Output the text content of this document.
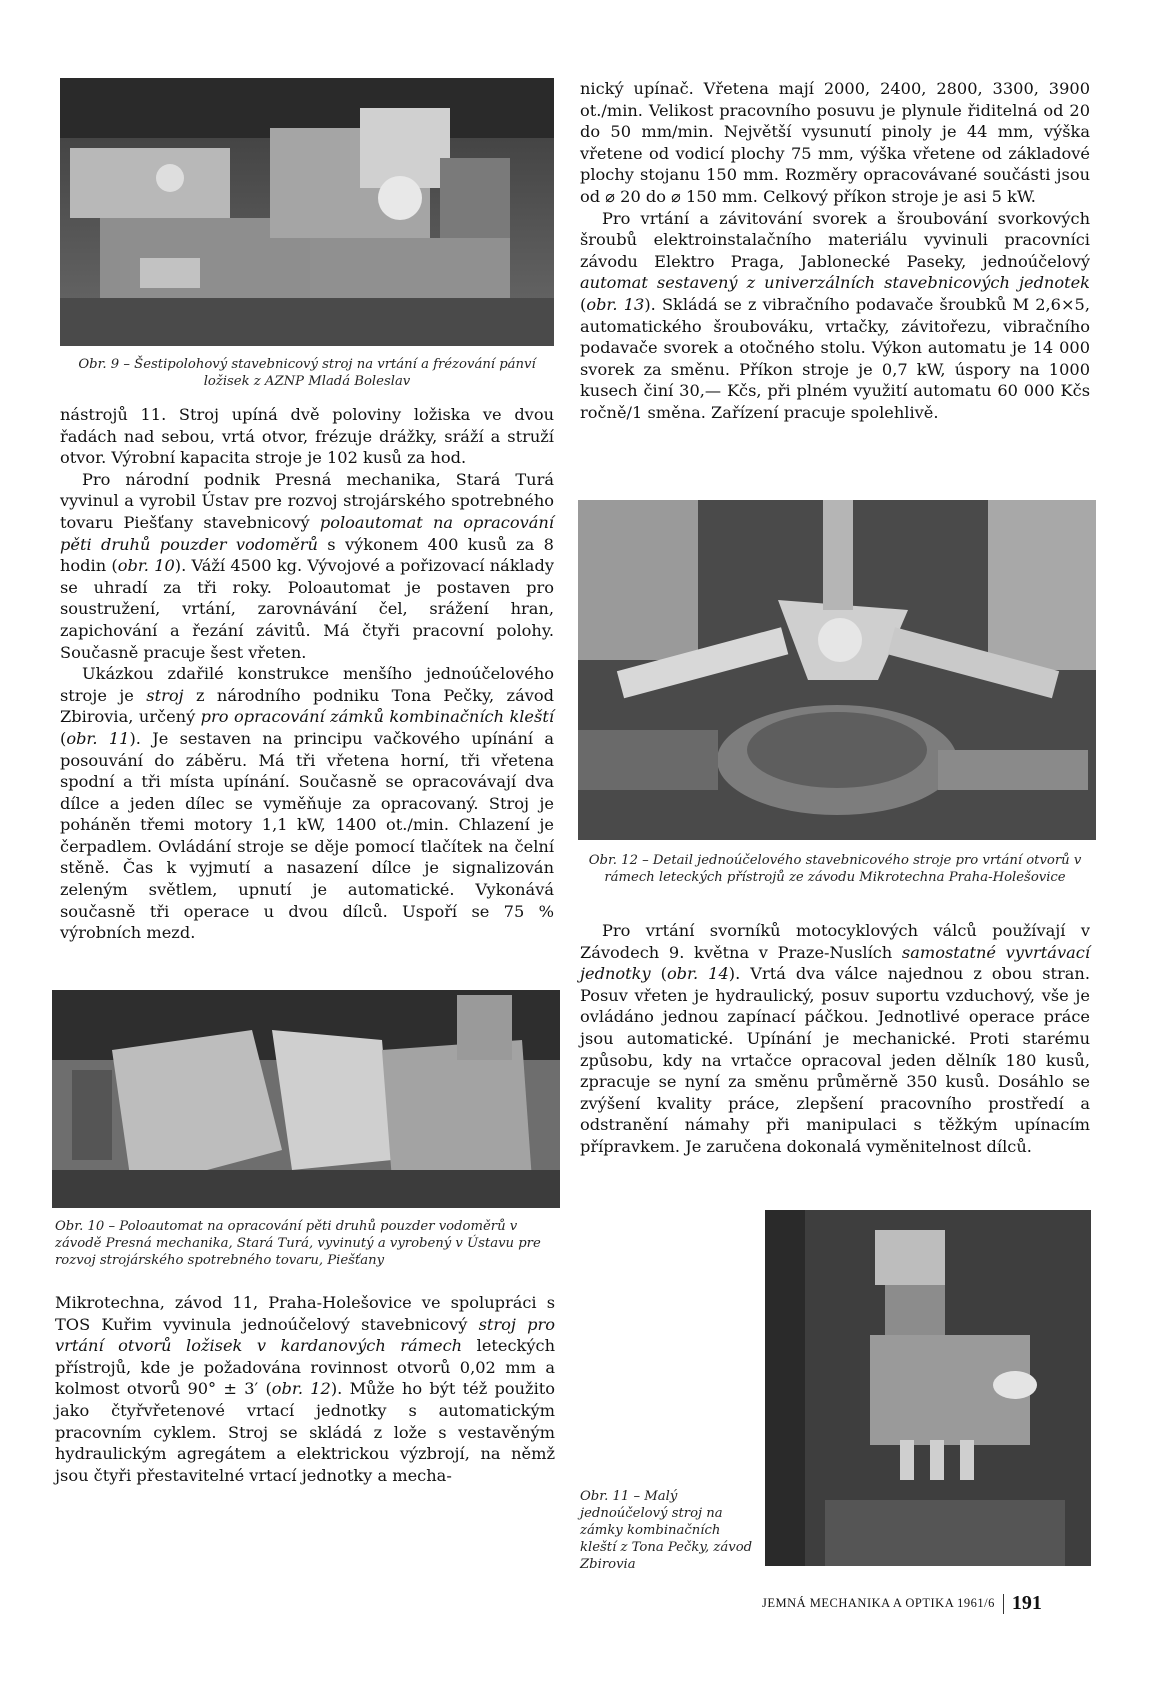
Obr. 9 – Šestipolohový stavebnicový stroj na vrtání a frézování pánví ložisek z AZNP Mladá Boleslav

nástrojů 11. Stroj upíná dvě poloviny ložiska ve dvou řadách nad sebou, vrtá otvor, frézuje drážky, sráží a struží otvor. Výrobní kapacita stroje je 102 kusů za hod.

Pro národní podnik Presná mechanika, Stará Turá vyvinul a vyrobil Ústav pre rozvoj strojárského spotrebného tovaru Piešťany stavebnicový poloautomat na opracování pěti druhů pouzder vodoměrů s výkonem 400 kusů za 8 hodin (obr. 10). Váží 4500 kg. Vývojové a pořizovací náklady se uhradí za tři roky. Poloautomat je postaven pro soustružení, vrtání, zarovnávání čel, srážení hran, zapichování a řezání závitů. Má čtyři pracovní polohy. Současně pracuje šest vřeten.

Ukázkou zdařilé konstrukce menšího jednoúčelového stroje je stroj z národního podniku Tona Pečky, závod Zbirovia, určený pro opracování zámků kombinačních kleští (obr. 11). Je sestaven na principu vačkového upínání a posouvání do záběru. Má tři vřetena horní, tři vřetena spodní a tři místa upínání. Současně se opracovávají dva dílce a jeden dílec se vyměňuje za opracovaný. Stroj je poháněn třemi motory 1,1 kW, 1400 ot./min. Chlazení je čerpadlem. Ovládání stroje se děje pomocí tlačítek na čelní stěně. Čas k vyjmutí a nasazení dílce je signalizován zeleným světlem, upnutí je automatické. Vykonává současně tři operace u dvou dílců. Uspoří se 75 % výrobních mezd.

Obr. 10 – Poloautomat na opracování pěti druhů pouzder vodoměrů v závodě Presná mechanika, Stará Turá, vyvinutý a vyrobený v Ústavu pre rozvoj strojárského spotrebného tovaru, Piešťany

Mikrotechna, závod 11, Praha-Holešovice ve spolupráci s TOS Kuřim vyvinula jednoúčelový stavebnicový stroj pro vrtání otvorů ložisek v kardanových rámech leteckých přístrojů, kde je požadována rovinnost otvorů 0,02 mm a kolmost otvorů 90° ± 3′ (obr. 12). Může ho být též použito jako čtyřvřetenové vrtací jednotky s automatickým pracovním cyklem. Stroj se skládá z lože s vestavěným hydraulickým agregátem a elektrickou výzbrojí, na němž jsou čtyři přestavitelné vrtací jednotky a mecha-

nický upínač. Vřetena mají 2000, 2400, 2800, 3300, 3900 ot./min. Velikost pracovního posuvu je plynule řiditelná od 20 do 50 mm/min. Největší vysunutí pinoly je 44 mm, výška vřetene od vodicí plochy 75 mm, výška vřetene od základové plochy stojanu 150 mm. Rozměry opracovávané součásti jsou od ⌀ 20 do ⌀ 150 mm. Celkový příkon stroje je asi 5 kW.

Pro vrtání a závitování svorek a šroubování svorkových šroubů elektroinstalačního materiálu vyvinuli pracovníci závodu Elektro Praga, Jablonecké Paseky, jednoúčelový automat sestavený z univerzálních stavebnicových jednotek (obr. 13). Skládá se z vibračního podavače šroubků M 2,6×5, automatického šroubováku, vrtačky, závitořezu, vibračního podavače svorek a otočného stolu. Výkon automatu je 14 000 svorek za směnu. Příkon stroje je 0,7 kW, úspory na 1000 kusech činí 30,— Kčs, při plném využití automatu 60 000 Kčs ročně/1 směna. Zařízení pracuje spolehlivě.

Obr. 12 – Detail jednoúčelového stavebnicového stroje pro vrtání otvorů v rámech leteckých přístrojů ze závodu Mikrotechna Praha-Holešovice

Pro vrtání svorníků motocyklových válců používají v Závodech 9. května v Praze-Nuslích samostatné vyvrtávací jednotky (obr. 14). Vrtá dva válce najednou z obou stran. Posuv vřeten je hydraulický, posuv suportu vzduchový, vše je ovládáno jednou zapínací páčkou. Jednotlivé operace práce jsou automatické. Upínání je mechanické. Proti starému způsobu, kdy na vrtačce opracoval jeden dělník 180 kusů, zpracuje se nyní za směnu průměrně 350 kusů. Dosáhlo se zvýšení kvality práce, zlepšení pracovního prostředí a odstranění námahy při manipulaci s těžkým upínacím přípravkem. Je zaručena dokonalá vyměnitelnost dílců.

Obr. 11 – Malý jednoúčelový stroj na zámky kombinačních kleští z Tona Pečky, závod Zbirovia

JEMNÁ MECHANIKA A OPTIKA 1961/6 191
